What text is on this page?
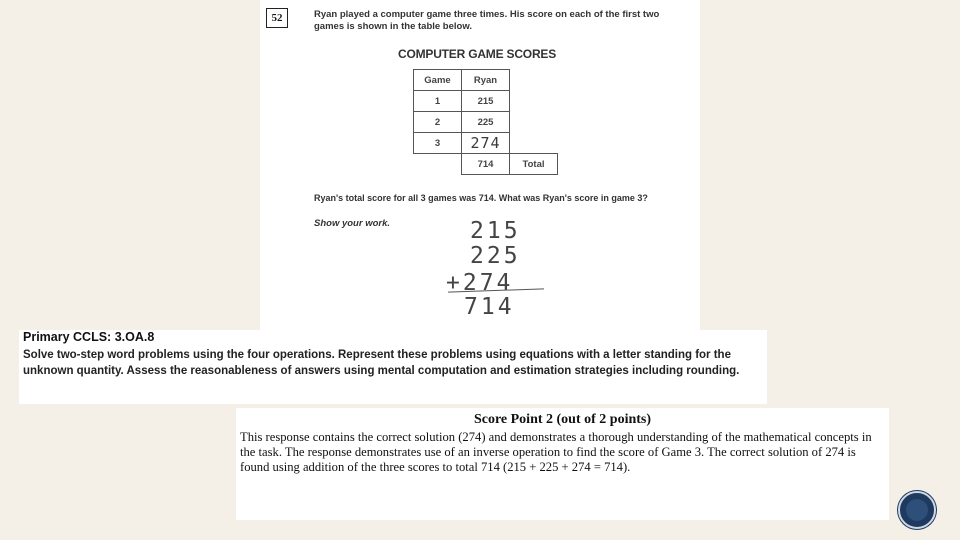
52	Ryan played a computer game three times. His score on each of the first two games is shown in the table below.
COMPUTER GAME SCORES
Game	Ryan	
1	215	
2	225	
3	274	
	714	Total
Ryan's total score for all 3 games was 714. What was Ryan's score in game 3?
Show your work.	215
225
+274
714
Primary CCLS: 3.OA.8
Solve two-step word problems using the four operations. Represent these problems using equations with a letter standing for the unknown quantity. Assess the reasonableness of answers using mental computation and estimation strategies including rounding.
Score Point 2 (out of 2 points)
This response contains the correct solution (274) and demonstrates a thorough understanding of the mathematical concepts in the task. The response demonstrates use of an inverse operation to find the score of Game 3. The correct solution of 274 is found using addition of the three scores to total 714 (215 + 225 + 274 = 714).
